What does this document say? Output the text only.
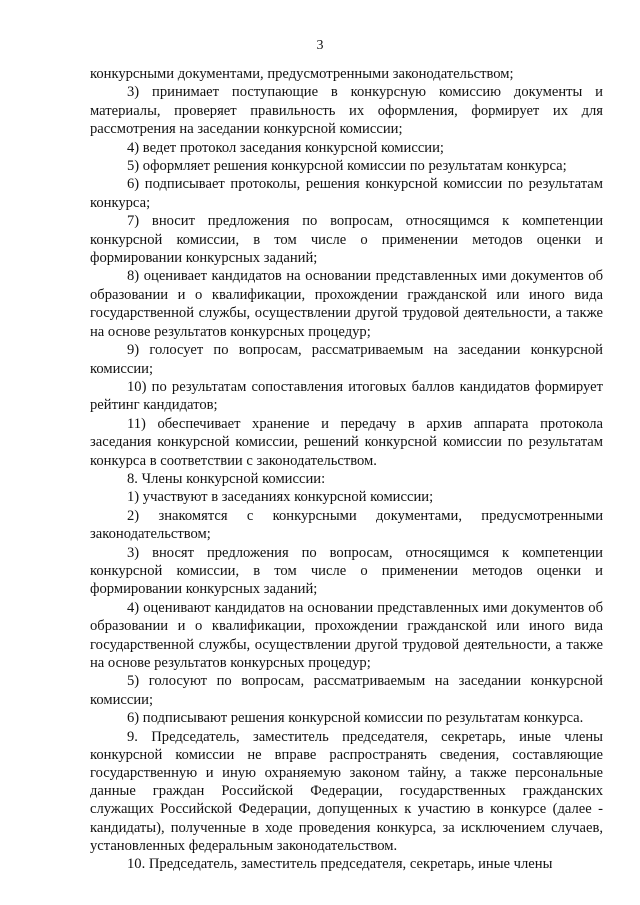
3

конкурсными документами, предусмотренными законодательством;

3) принимает поступающие в конкурсную комиссию документы и материалы, проверяет правильность их оформления, формирует их для рассмотрения на заседании конкурсной комиссии;

4) ведет протокол заседания конкурсной комиссии;

5) оформляет решения конкурсной комиссии по результатам конкурса;

6) подписывает протоколы, решения конкурсной комиссии по результатам конкурса;

7) вносит предложения по вопросам, относящимся к компетенции конкурсной комиссии, в том числе о применении методов оценки и формировании конкурсных заданий;

8) оценивает кандидатов на основании представленных ими документов об образовании и о квалификации, прохождении гражданской или иного вида государственной службы, осуществлении другой трудовой деятельности, а также на основе результатов конкурсных процедур;

9) голосует по вопросам, рассматриваемым на заседании конкурсной комиссии;

10) по результатам сопоставления итоговых баллов кандидатов формирует рейтинг кандидатов;

11) обеспечивает хранение и передачу в архив аппарата протокола заседания конкурсной комиссии, решений конкурсной комиссии по результатам конкурса в соответствии с законодательством.

8. Члены конкурсной комиссии:

1) участвуют в заседаниях конкурсной комиссии;

2) знакомятся с конкурсными документами, предусмотренными законодательством;

3) вносят предложения по вопросам, относящимся к компетенции конкурсной комиссии, в том числе о применении методов оценки и формировании конкурсных заданий;

4) оценивают кандидатов на основании представленных ими документов об образовании и о квалификации, прохождении гражданской или иного вида государственной службы, осуществлении другой трудовой деятельности, а также на основе результатов конкурсных процедур;

5) голосуют по вопросам, рассматриваемым на заседании конкурсной комиссии;

6) подписывают решения конкурсной комиссии по результатам конкурса.

9. Председатель, заместитель председателя, секретарь, иные члены конкурсной комиссии не вправе распространять сведения, составляющие государственную и иную охраняемую законом тайну, а также персональные данные граждан Российской Федерации, государственных гражданских служащих Российской Федерации, допущенных к участию в конкурсе (далее - кандидаты), полученные в ходе проведения конкурса, за исключением случаев, установленных федеральным законодательством.

10. Председатель, заместитель председателя, секретарь, иные члены
